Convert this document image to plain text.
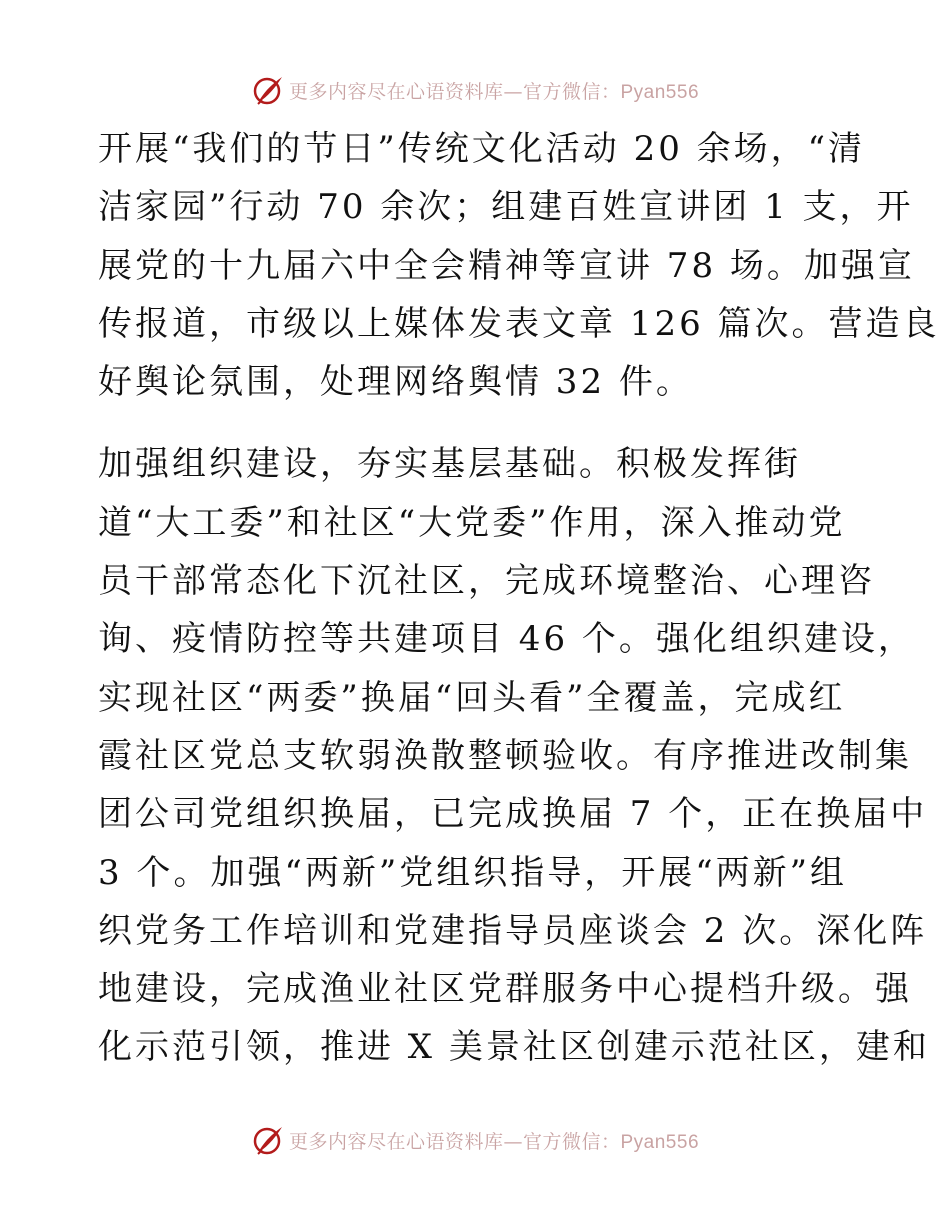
更多内容尽在心语资料库—官方微信：Pyan556

开展“我们的节日”传统文化活动 20 余场，“清

洁家园”行动 70 余次；组建百姓宣讲团 1 支，开

展党的十九届六中全会精神等宣讲 78 场。加强宣

传报道，市级以上媒体发表文章 126 篇次。营造良

好舆论氛围，处理网络舆情 32 件。

加强组织建设，夯实基层基础。积极发挥街

道“大工委”和社区“大党委”作用，深入推动党

员干部常态化下沉社区，完成环境整治、心理咨

询、疫情防控等共建项目 46 个。强化组织建设，

实现社区“两委”换届“回头看”全覆盖，完成红

霞社区党总支软弱涣散整顿验收。有序推进改制集

团公司党组织换届，已完成换届 7 个，正在换届中

3 个。加强“两新”党组织指导，开展“两新”组

织党务工作培训和党建指导员座谈会 2 次。深化阵

地建设，完成渔业社区党群服务中心提档升级。强

化示范引领，推进 X 美景社区创建示范社区，建和

更多内容尽在心语资料库—官方微信：Pyan556
